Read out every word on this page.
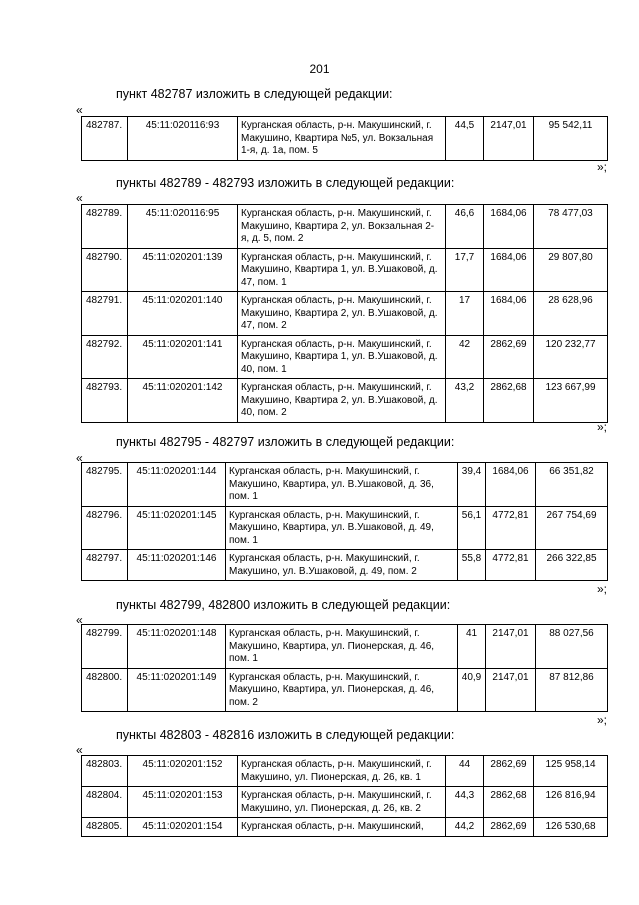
201
пункт 482787 изложить в следующей редакции:
«
482787.	45:11:020116:93	Курганская область, р-н. Макушинский, г. Макушино, Квартира №5, ул. Вокзальная 1-я, д. 1а, пом. 5	44,5	2147,01	95 542,11
»;
пункты 482789 - 482793 изложить в следующей редакции:
«
482789.	45:11:020116:95	Курганская область, р-н. Макушинский, г. Макушино, Квартира 2, ул. Вокзальная 2-я, д. 5, пом. 2	46,6	1684,06	78 477,03
482790.	45:11:020201:139	Курганская область, р-н. Макушинский, г. Макушино, Квартира 1, ул. В.Ушаковой, д. 47, пом. 1	17,7	1684,06	29 807,80
482791.	45:11:020201:140	Курганская область, р-н. Макушинский, г. Макушино, Квартира 2, ул. В.Ушаковой, д. 47, пом. 2	17	1684,06	28 628,96
482792.	45:11:020201:141	Курганская область, р-н. Макушинский, г. Макушино, Квартира 1, ул. В.Ушаковой, д. 40, пом. 1	42	2862,69	120 232,77
482793.	45:11:020201:142	Курганская область, р-н. Макушинский, г. Макушино, Квартира 2, ул. В.Ушаковой, д. 40, пом. 2	43,2	2862,68	123 667,99
»;
пункты 482795 - 482797 изложить в следующей редакции:
«
482795.	45:11:020201:144	Курганская область, р-н. Макушинский, г. Макушино, Квартира, ул. В.Ушаковой, д. 36, пом. 1	39,4	1684,06	66 351,82
482796.	45:11:020201:145	Курганская область, р-н. Макушинский, г. Макушино, Квартира, ул. В.Ушаковой, д. 49, пом. 1	56,1	4772,81	267 754,69
482797.	45:11:020201:146	Курганская область, р-н. Макушинский, г. Макушино, ул. В.Ушаковой, д. 49, пом. 2	55,8	4772,81	266 322,85
»;
пункты 482799, 482800 изложить в следующей редакции:
«
482799.	45:11:020201:148	Курганская область, р-н. Макушинский, г. Макушино, Квартира, ул. Пионерская, д. 46, пом. 1	41	2147,01	88 027,56
482800.	45:11:020201:149	Курганская область, р-н. Макушинский, г. Макушино, Квартира, ул. Пионерская, д. 46, пом. 2	40,9	2147,01	87 812,86
»;
пункты 482803 - 482816 изложить в следующей редакции:
«
482803.	45:11:020201:152	Курганская область, р-н. Макушинский, г. Макушино, ул. Пионерская, д. 26, кв. 1	44	2862,69	125 958,14
482804.	45:11:020201:153	Курганская область, р-н. Макушинский, г. Макушино, ул. Пионерская, д. 26, кв. 2	44,3	2862,68	126 816,94
482805.	45:11:020201:154	Курганская область, р-н. Макушинский,	44,2	2862,69	126 530,68
